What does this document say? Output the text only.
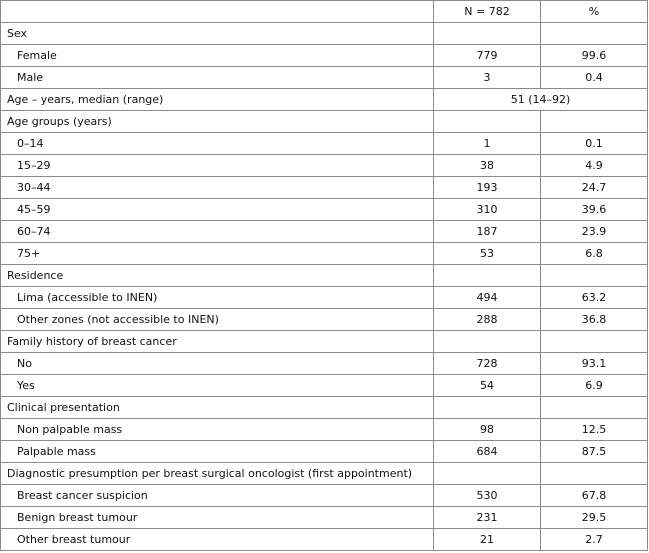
	N = 782	%
Sex		
Female	779	99.6
Male	3	0.4
Age – years, median (range)	51 (14–92)	
Age groups (years)		
0–14	1	0.1
15–29	38	4.9
30–44	193	24.7
45–59	310	39.6
60–74	187	23.9
75+	53	6.8
Residence		
Lima (accessible to INEN)	494	63.2
Other zones (not accessible to INEN)	288	36.8
Family history of breast cancer		
No	728	93.1
Yes	54	6.9
Clinical presentation		
Non palpable mass	98	12.5
Palpable mass	684	87.5
Diagnostic presumption per breast surgical oncologist (first appointment)		
Breast cancer suspicion	530	67.8
Benign breast tumour	231	29.5
Other breast tumour	21	2.7
